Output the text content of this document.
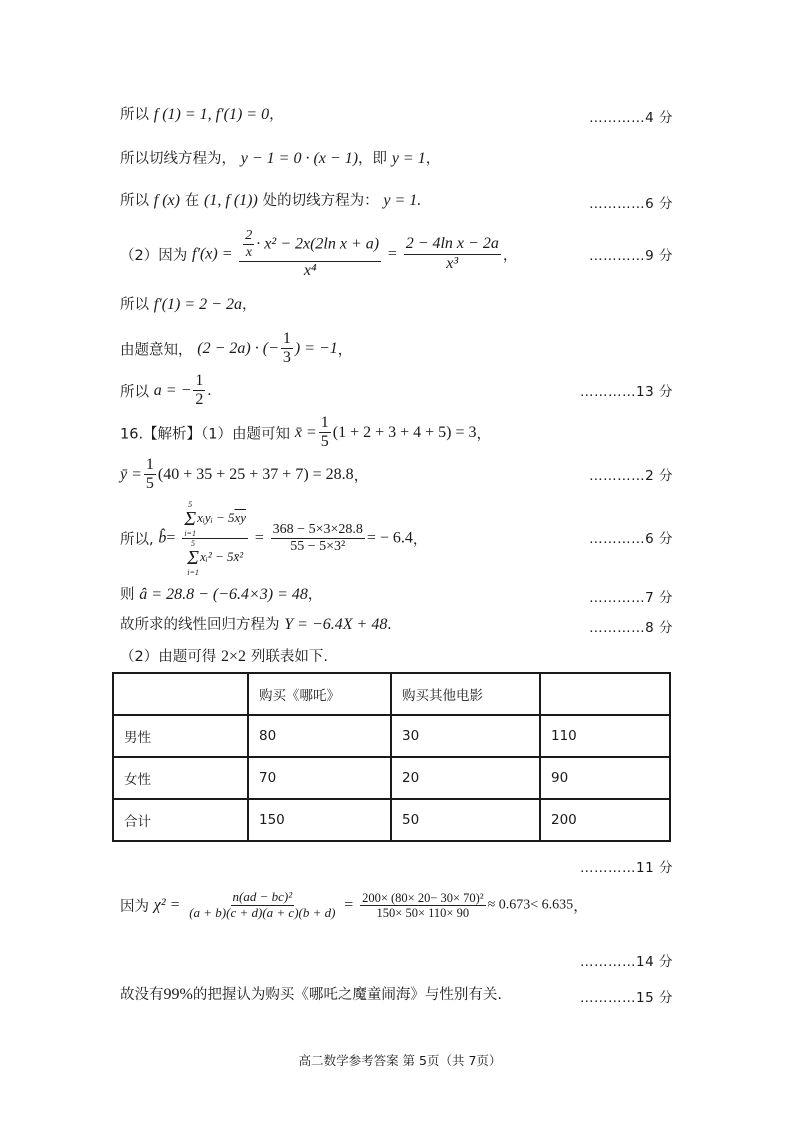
所以 f (1) = 1, f′(1) = 0，	…………4 分
所以切线方程为， y − 1 = 0 · (x − 1)，即 y = 1，
所以 f (x) 在 (1, f (1)) 处的切线方程为： y = 1.	…………6 分
（2）因为 $f'(x) = \frac{\frac{2}{x} \cdot x^2 - 2x(2\ln x + a)}{\text{x⁴}} = \frac{\text{2 − 4ln x − 2a}}{\text{x³}}$ ，	…………9 分
所以 f′(1) = 2 − 2a，
由题意知， (2 − 2a) · (− $\frac{1}{3}$ ) = −1，
所以 a = − $\frac{1}{2}$ .	…………13 分
16.【解析】（1）由题可知 x̄ = $\frac{1}{5} (1 + 2 + 3 + 4 + 5) = 3$，
ȳ = $\frac{1}{5} (40 + 35 + 25 + 37 + 7) = 28.8$，	…………2 分
所以, b̂= 5
Σ
i=1
xᵢyᵢ − $5\overline{xy}$
5
Σ
i=1
xᵢ² − 5x̄² = $\frac{368 - 5\times 3\times 28.8}{\text{55 − 5×3²}}$ = − 6.4，	…………6 分
则 â = 28.8 − (−6.4×3) = 48，	…………7 分
故所求的线性回归方程为 Y = −6.4X + 48.	…………8 分
（2）由题可得 2×2 列联表如下.
	购买《哪吒》	购买其他电影	
男性	80	30	110
女性	70	20	90
合计	150	50	200
…………11 分
因为 $\chi^2 = \frac{\text{n(ad − bc)²}}{(a + b)(c + d)(a + c)(b + d)} = \frac{\text{200× (80× 20− 30× 70)²}}{150\times 50\times 110\times 90} \approx 0.673< 6.635$，
…………14 分
故没有99%的把握认为购买《哪吒之魔童闹海》与性别有关.	…………15 分
高二数学参考答案 第 5页（共 7页）
